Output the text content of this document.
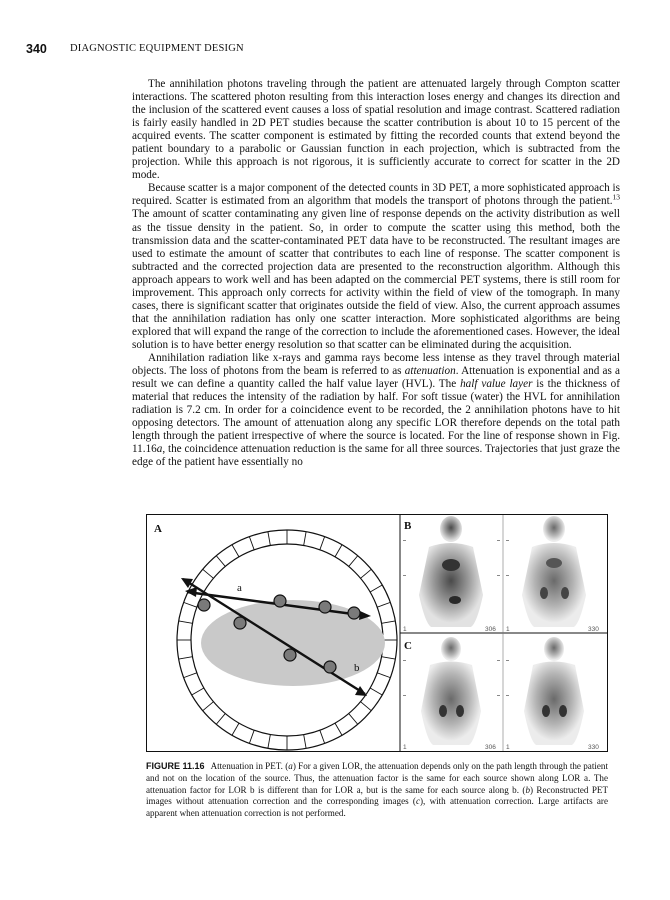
340 DIAGNOSTIC EQUIPMENT DESIGN

The annihilation photons traveling through the patient are attenuated largely through Compton scatter interactions. The scattered photon resulting from this interaction loses energy and changes its direction and the inclusion of the scattered event causes a loss of spatial resolution and image contrast. Scattered radiation is fairly easily handled in 2D PET studies because the scatter contribution is about 10 to 15 percent of the acquired events. The scatter component is estimated by fitting the recorded counts that extend beyond the patient boundary to a parabolic or Gaussian function in each projection, which is subtracted from the projection. While this approach is not rigorous, it is sufficiently accurate to correct for scatter in the 2D mode.

Because scatter is a major component of the detected counts in 3D PET, a more sophisticated approach is required. Scatter is estimated from an algorithm that models the transport of photons through the patient.$^{13}$ The amount of scatter contaminating any given line of response depends on the activity distribution as well as the tissue density in the patient. So, in order to compute the scatter using this method, both the transmission data and the scatter-contaminated PET data have to be reconstructed. The resultant images are used to estimate the amount of scatter that contributes to each line of response. The scatter component is subtracted and the corrected projection data are presented to the reconstruction algorithm. Although this approach appears to work well and has been adapted on the commercial PET systems, there is still room for improvement. This approach only corrects for activity within the field of view of the tomograph. In many cases, there is significant scatter that originates outside the field of view. Also, the current approach assumes that the annihilation radiation has only one scatter interaction. More sophisticated algorithms are being explored that will expand the range of the correction to include the aforementioned cases. However, the ideal solution is to have better energy resolution so that scatter can be eliminated during the acquisition.

Annihilation radiation like x-rays and gamma rays become less intense as they travel through material objects. The loss of photons from the beam is referred to as attenuation. Attenuation is exponential and as a result we can define a quantity called the half value layer (HVL). The half value layer is the thickness of material that reduces the intensity of the radiation by half. For soft tissue (water) the HVL for annihilation radiation is 7.2 cm. In order for a coincidence event to be recorded, the 2 annihilation photons have to hit opposing detectors. The amount of attenuation along any specific LOR therefore depends on the total path length through the patient irrespective of where the source is located. For the line of response shown in Fig. 11.16a, the coincidence attenuation reduction is the same for all three sources. Trajectories that just graze the edge of the patient have essentially no

A	B
C
a
b
1	306 1	330
1	306 1	330
FIGURE 11.16 Attenuation in PET. (a) For a given LOR, the attenuation depends only on the path length through the patient and not on the location of the source. Thus, the attenuation factor is the same for each source shown along LOR a. The attenuation factor for LOR b is different than for LOR a, but is the same for each source along b. (b) Reconstructed PET images without attenuation correction and the corresponding images (c), with attenuation correction. Large artifacts are apparent when attenuation correction is not performed.
